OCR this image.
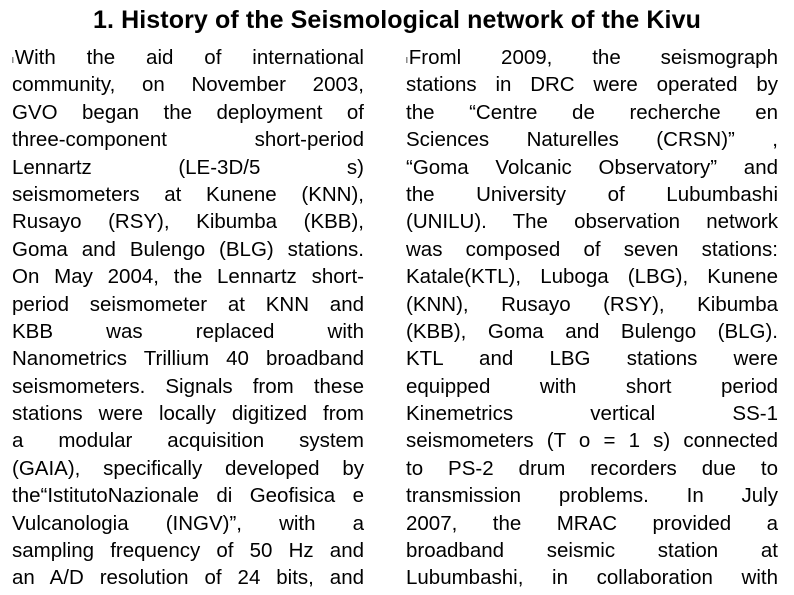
1. History of the Seismological network of the Kivu
lWith the aid of international
community, on November 2003,
GVO began the deployment of
three-component short-period
Lennartz (LE-3D/5 s)
seismometers at Kunene (KNN),
Rusayo (RSY), Kibumba (KBB),
Goma and Bulengo (BLG) stations.
On May 2004, the Lennartz short-
period seismometer at KNN and
KBB was replaced with
Nanometrics Trillium 40 broadband
seismometers. Signals from these
stations were locally digitized from
a modular acquisition system
(GAIA), specifically developed by
the“IstitutoNazionale di Geofisica e
Vulcanologia (INGV)”, with a
sampling frequency of 50 Hz and
an A/D resolution of 24 bits, and
lFroml 2009, the seismograph
stations in DRC were operated by
the “Centre de recherche en
Sciences Naturelles (CRSN)” ,
“Goma Volcanic Observatory” and
the University of Lubumbashi
(UNILU). The observation network
was composed of seven stations:
Katale(KTL), Luboga (LBG), Kunene
(KNN), Rusayo (RSY), Kibumba
(KBB), Goma and Bulengo (BLG).
KTL and LBG stations were
equipped with short period
Kinemetrics vertical SS-1
seismometers (T o = 1 s) connected
to PS-2 drum recorders due to
transmission problems. In July
2007, the MRAC provided a
broadband seismic station at
Lubumbashi, in collaboration with
